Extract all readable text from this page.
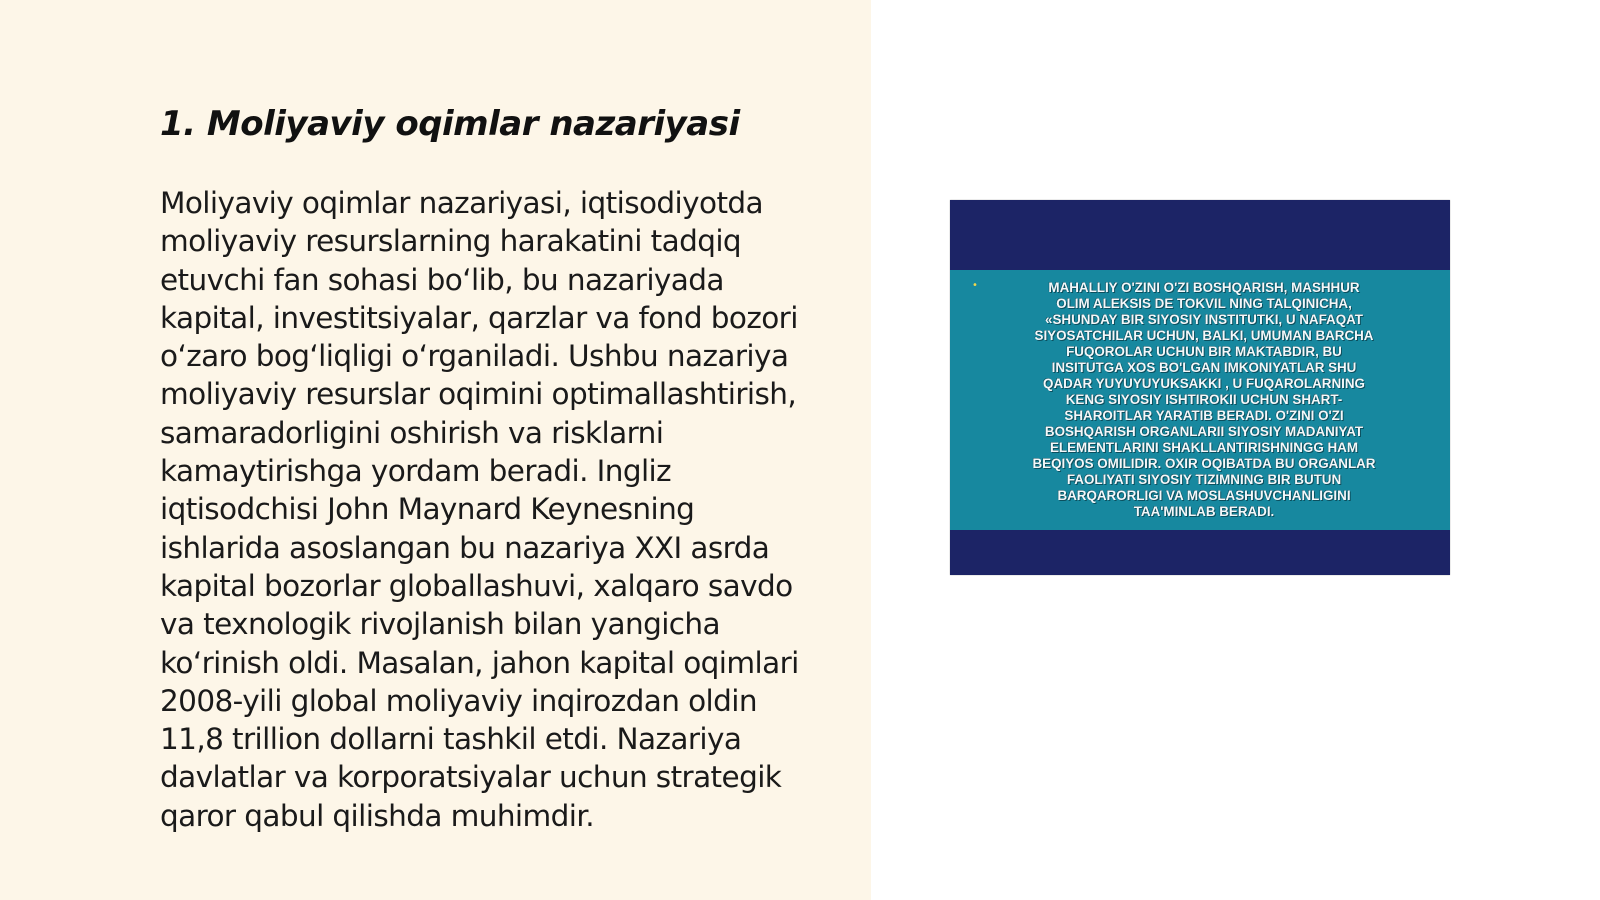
1. Moliyaviy oqimlar nazariyasi

Moliyaviy oqimlar nazariyasi, iqtisodiyotda
moliyaviy resurslarning harakatini tadqiq
etuvchi fan sohasi boʻlib, bu nazariyada
kapital, investitsiyalar, qarzlar va fond bozori
oʻzaro bogʻliqligi oʻrganiladi. Ushbu nazariya
moliyaviy resurslar oqimini optimallashtirish,
samaradorligini oshirish va risklarni
kamaytirishga yordam beradi. Ingliz
iqtisodchisi John Maynard Keynesning
ishlarida asoslangan bu nazariya XXI asrda
kapital bozorlar globallashuvi, xalqaro savdo
va texnologik rivojlanish bilan yangicha
koʻrinish oldi. Masalan, jahon kapital oqimlari
2008-yili global moliyaviy inqirozdan oldin
11,8 trillion dollarni tashkil etdi. Nazariya
davlatlar va korporatsiyalar uchun strategik
qaror qabul qilishda muhimdir.

•	MAHALLIY O'ZINI O'ZI BOSHQARISH, MASHHUR
OLIM ALEKSIS DE TOKVIL NING TALQINICHA,
«SHUNDAY BIR SIYOSIY INSTITUTKI, U NAFAQAT
SIYOSATCHILAR UCHUN, BALKI, UMUMAN BARCHA
FUQOROLAR UCHUN BIR MAKTABDIR, BU
INSITUTGA XOS BO'LGAN IMKONIYATLAR SHU
QADAR YUYUYUYUKSAKKI , U FUQAROLARNING
KENG SIYOSIY ISHTIROKII UCHUN SHART-
SHAROITLAR YARATIB BERADI. O'ZINI O'ZI
BOSHQARISH ORGANLARII SIYOSIY MADANIYAT
ELEMENTLARINI SHAKLLANTIRISHNINGG HAM
BEQIYOS OMILIDIR. OXIR OQIBATDA BU ORGANLAR
FAOLIYATI SIYOSIY TIZIMNING BIR BUTUN
BARQARORLIGI VA MOSLASHUVCHANLIGINI
TAA'MINLAB BERADI.
